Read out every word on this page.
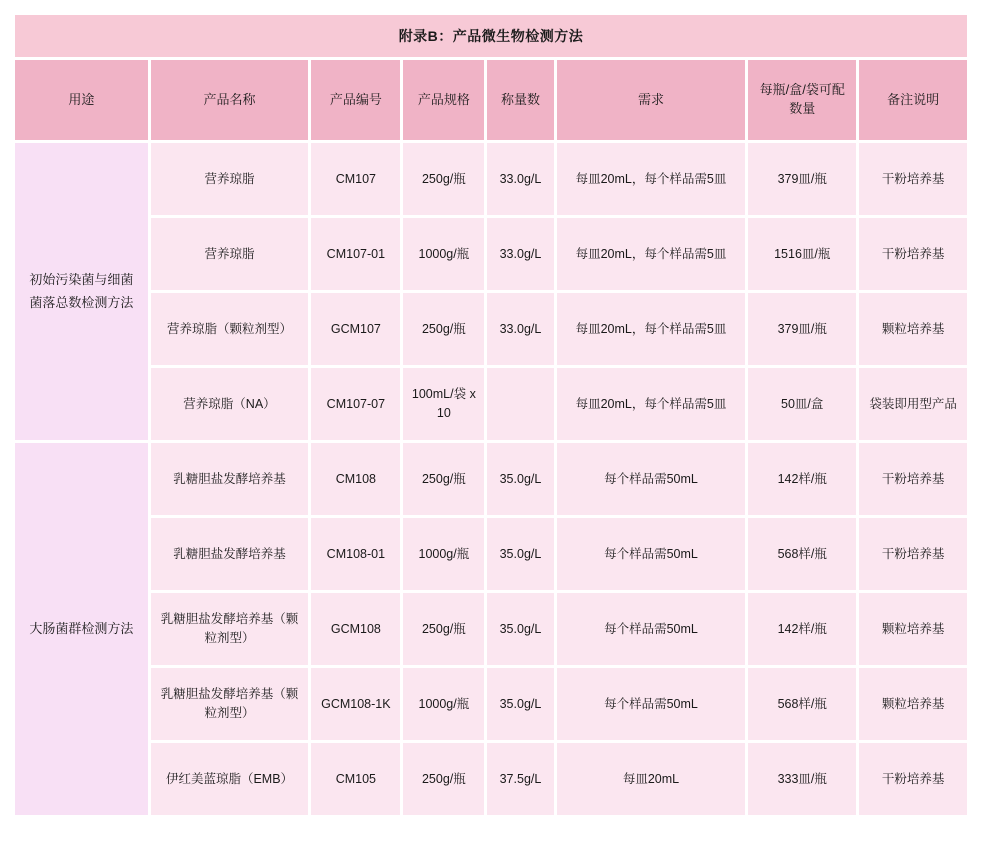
附录B：产品微生物检测方法							
用途	产品名称	产品编号	产品规格	称量数	需求	每瓶/盒/袋可配数量	备注说明
初始污染菌与细菌菌落总数检测方法	营养琼脂	CM107	250g/瓶	33.0g/L	每皿20mL，每个样品需5皿	379皿/瓶	干粉培养基
	营养琼脂	CM107-01	1000g/瓶	33.0g/L	每皿20mL，每个样品需5皿	1516皿/瓶	干粉培养基
	营养琼脂（颗粒剂型）	GCM107	250g/瓶	33.0g/L	每皿20mL，每个样品需5皿	379皿/瓶	颗粒培养基
	营养琼脂（NA）	CM107-07	100mL/袋 x 10		每皿20mL，每个样品需5皿	50皿/盒	袋装即用型产品
大肠菌群检测方法	乳糖胆盐发酵培养基	CM108	250g/瓶	35.0g/L	每个样品需50mL	142样/瓶	干粉培养基
	乳糖胆盐发酵培养基	CM108-01	1000g/瓶	35.0g/L	每个样品需50mL	568样/瓶	干粉培养基
	乳糖胆盐发酵培养基（颗粒剂型）	GCM108	250g/瓶	35.0g/L	每个样品需50mL	142样/瓶	颗粒培养基
	乳糖胆盐发酵培养基（颗粒剂型）	GCM108-1K	1000g/瓶	35.0g/L	每个样品需50mL	568样/瓶	颗粒培养基
	伊红美蓝琼脂（EMB）	CM105	250g/瓶	37.5g/L	每皿20mL	333皿/瓶	干粉培养基
